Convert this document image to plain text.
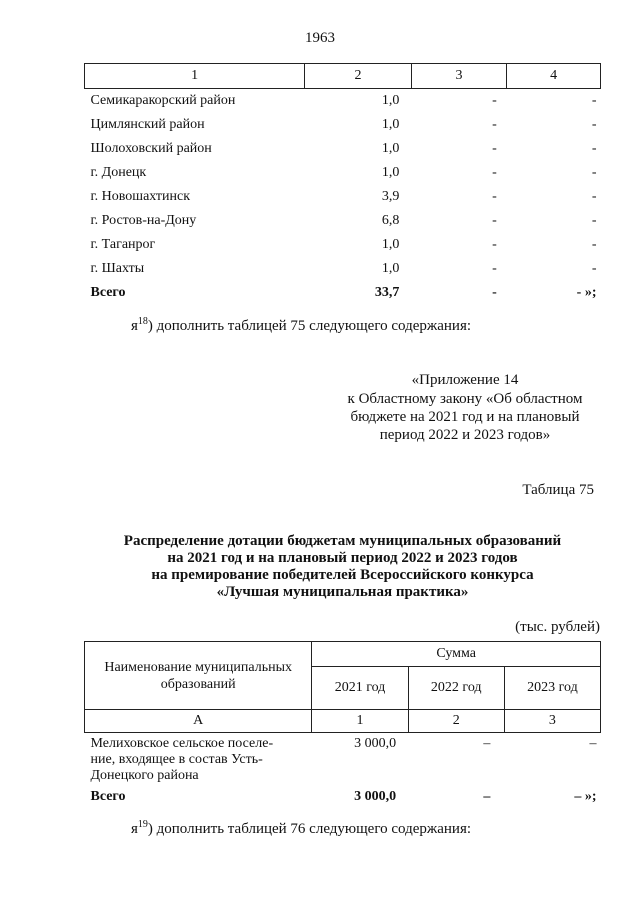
1963
1	2	3	4
Семикаракорский район	1,0	-	-
Цимлянский район	1,0	-	-
Шолоховский район	1,0	-	-
г. Донецк	1,0	-	-
г. Новошахтинск	3,9	-	-
г. Ростов-на-Дону	6,8	-	-
г. Таганрог	1,0	-	-
г. Шахты	1,0	-	-
Всего	33,7	-	- »;
$я^{18}$) дополнить таблицей 75 следующего содержания:
«Приложение 14
к Областному закону «Об областном
бюджете на 2021 год и на плановый
период 2022 и 2023 годов»
Таблица 75
Распределение дотации бюджетам муниципальных образований
на 2021 год и на плановый период 2022 и 2023 годов
на премирование победителей Всероссийского конкурса
«Лучшая муниципальная практика»
(тыс. рублей)
Наименование муниципальных
образований	Сумма		
	2021 год	2022 год	2023 год
А	1	2	3

Мелиховское сельское поселе-
ние, входящее в состав Усть-
Донецкого района	3 000,0	–	–
Всего	3 000,0	–	– »;
$я^{19}$) дополнить таблицей 76 следующего содержания:
